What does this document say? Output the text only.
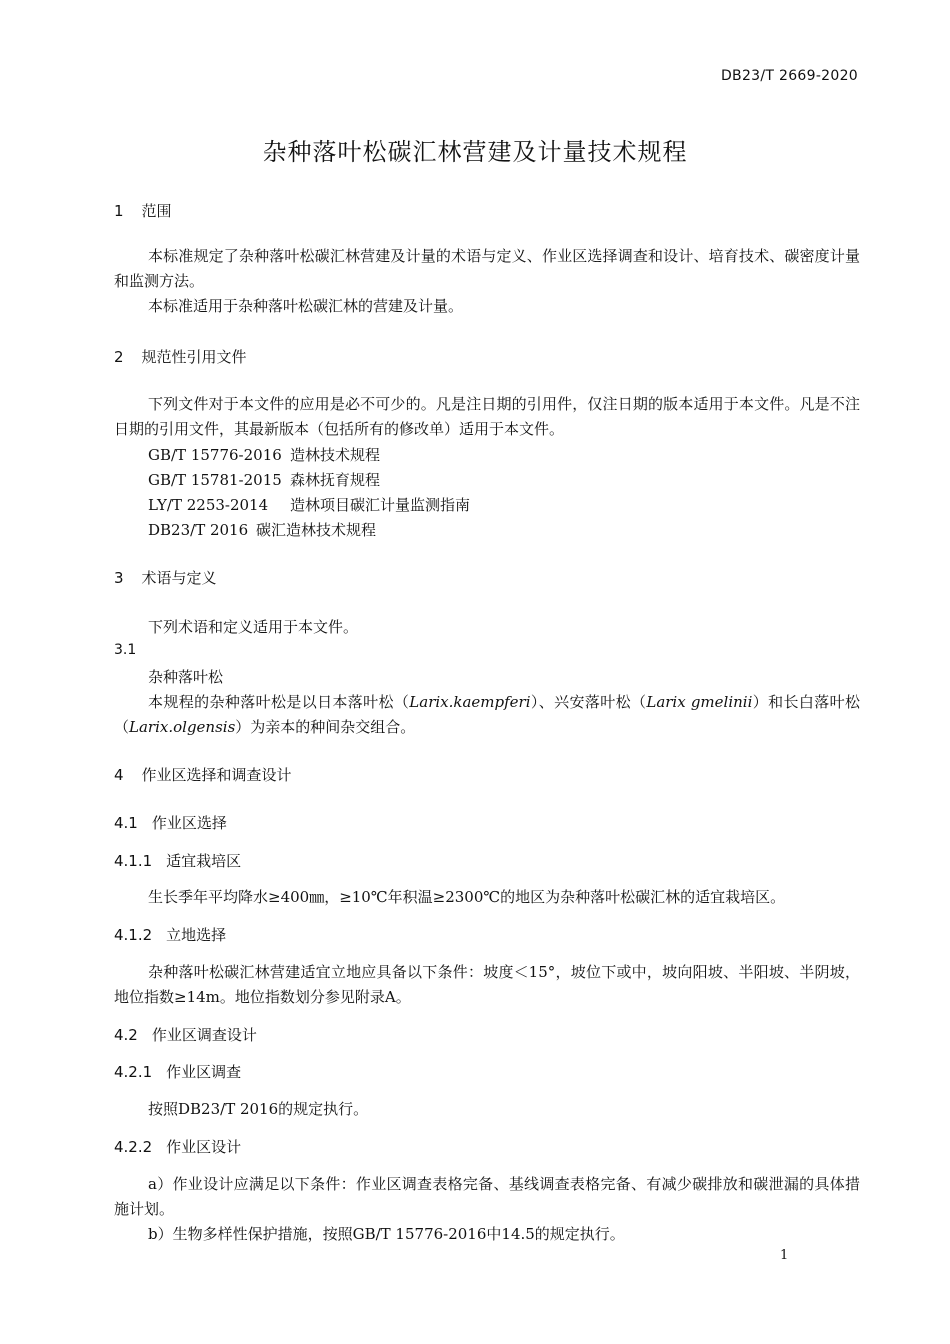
DB23/T 2669-2020
杂种落叶松碳汇林营建及计量技术规程
1 范围
本标准规定了杂种落叶松碳汇林营建及计量的术语与定义、作业区选择调查和设计、培育技术、碳密度计量和监测方法。
本标准适用于杂种落叶松碳汇林的营建及计量。
2 规范性引用文件
下列文件对于本文件的应用是必不可少的。凡是注日期的引用件，仅注日期的版本适用于本文件。凡是不注日期的引用文件，其最新版本（包括所有的修改单）适用于本文件。
GB/T 15776-2016 造林技术规程
GB/T 15781-2015 森林抚育规程
LY/T 2253-2014 造林项目碳汇计量监测指南
DB23/T 2016 碳汇造林技术规程
3 术语与定义
下列术语和定义适用于本文件。
3.1
杂种落叶松
本规程的杂种落叶松是以日本落叶松（Larix.kaempferi）、兴安落叶松（Larix gmelinii）和长白落叶松（Larix.olgensis）为亲本的种间杂交组合。
4 作业区选择和调查设计
4.1 作业区选择
4.1.1 适宜栽培区
生长季年平均降水≥400㎜，≥10℃年积温≥2300℃的地区为杂种落叶松碳汇林的适宜栽培区。
4.1.2 立地选择
杂种落叶松碳汇林营建适宜立地应具备以下条件：坡度＜15°，坡位下或中，坡向阳坡、半阳坡、半阴坡，地位指数≥14m。地位指数划分参见附录A。
4.2 作业区调查设计
4.2.1 作业区调查
按照DB23/T 2016的规定执行。
4.2.2 作业区设计
a）作业设计应满足以下条件：作业区调查表格完备、基线调查表格完备、有减少碳排放和碳泄漏的具体措施计划。
b）生物多样性保护措施，按照GB/T 15776-2016中14.5的规定执行。
1
